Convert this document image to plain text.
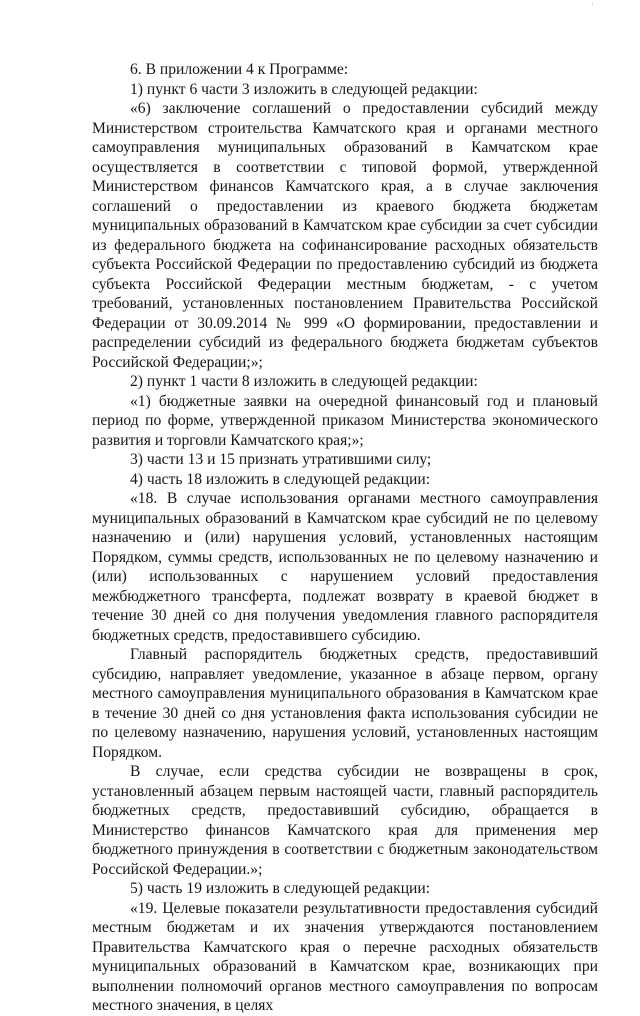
'

6. В приложении 4 к Программе:

1) пункт 6 части 3 изложить в следующей редакции:

«6) заключение соглашений о предоставлении субсидий между Министерством строительства Камчатского края и органами местного самоуправления муниципальных образований в Камчатском крае осуществляется в соответствии с типовой формой, утвержденной Министерством финансов Камчатского края, а в случае заключения соглашений о предоставлении из краевого бюджета бюджетам муниципальных образований в Камчатском крае субсидии за счет субсидии из федерального бюджета на софинансирование расходных обязательств субъекта Российской Федерации по предоставлению субсидий из бюджета субъекта Российской Федерации местным бюджетам, - с учетом требований, установленных постановлением Правительства Российской Федерации от 30.09.2014 № 999 «О формировании, предоставлении и распределении субсидий из федерального бюджета бюджетам субъектов Российской Федерации;»;

2) пункт 1 части 8 изложить в следующей редакции:

«1) бюджетные заявки на очередной финансовый год и плановый период по форме, утвержденной приказом Министерства экономического развития и торговли Камчатского края;»;

3) части 13 и 15 признать утратившими силу;

4) часть 18 изложить в следующей редакции:

«18. В случае использования органами местного самоуправления муниципальных образований в Камчатском крае субсидий не по целевому назначению и (или) нарушения условий, установленных настоящим Порядком, суммы средств, использованных не по целевому назначению и (или) использованных с нарушением условий предоставления межбюджетного трансферта, подлежат возврату в краевой бюджет в течение 30 дней со дня получения уведомления главного распорядителя бюджетных средств, предоставившего субсидию.

Главный распорядитель бюджетных средств, предоставивший субсидию, направляет уведомление, указанное в абзаце первом, органу местного самоуправления муниципального образования в Камчатском крае в течение 30 дней со дня установления факта использования субсидии не по целевому назначению, нарушения условий, установленных настоящим Порядком.

В случае, если средства субсидии не возвращены в срок, установленный абзацем первым настоящей части, главный распорядитель бюджетных средств, предоставивший субсидию, обращается в Министерство финансов Камчатского края для применения мер бюджетного принуждения в соответствии с бюджетным законодательством Российской Федерации.»;

5) часть 19 изложить в следующей редакции:

«19. Целевые показатели результативности предоставления субсидий местным бюджетам и их значения утверждаются постановлением Правительства Камчатского края о перечне расходных обязательств муниципальных образований в Камчатском крае, возникающих при выполнении полномочий органов местного самоуправления по вопросам местного значения, в целях
